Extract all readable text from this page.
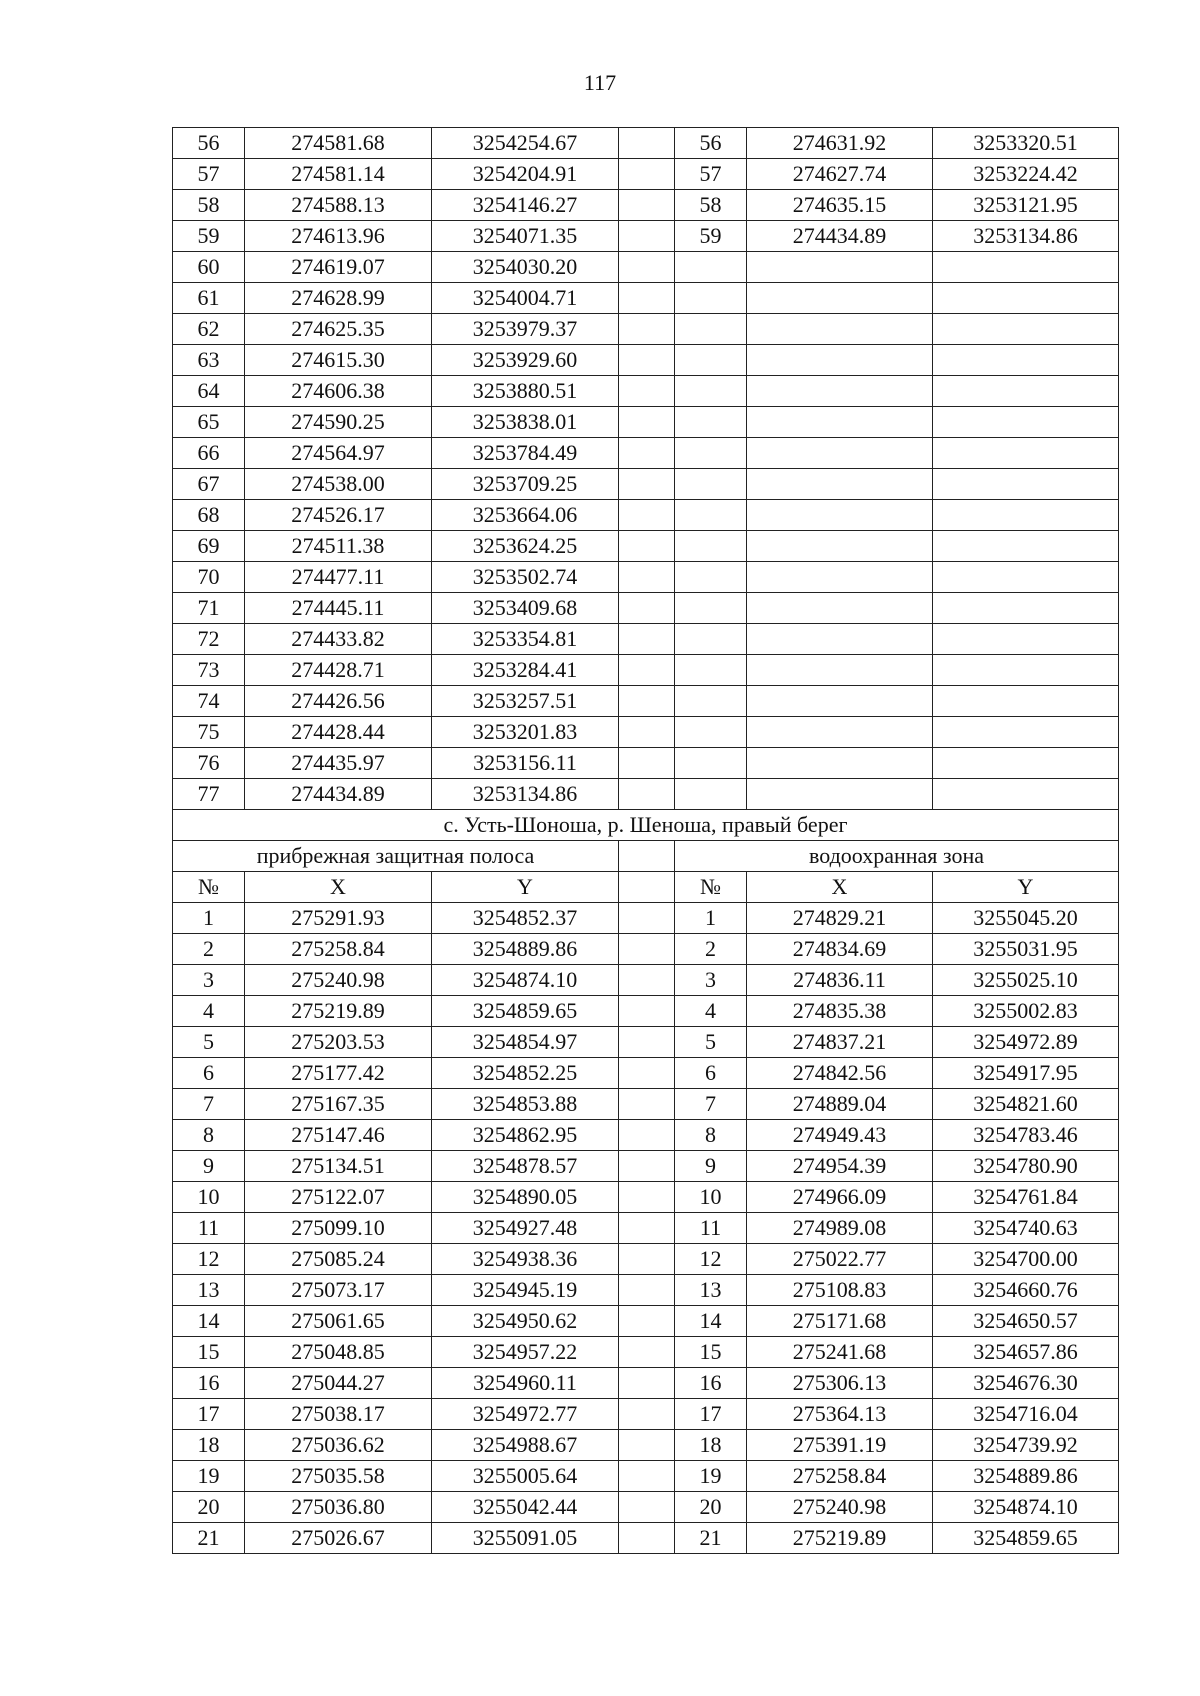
117
56	274581.68	3254254.67		56	274631.92	3253320.51
57	274581.14	3254204.91		57	274627.74	3253224.42
58	274588.13	3254146.27		58	274635.15	3253121.95
59	274613.96	3254071.35		59	274434.89	3253134.86
60	274619.07	3254030.20				
61	274628.99	3254004.71				
62	274625.35	3253979.37				
63	274615.30	3253929.60				
64	274606.38	3253880.51				
65	274590.25	3253838.01				
66	274564.97	3253784.49				
67	274538.00	3253709.25				
68	274526.17	3253664.06				
69	274511.38	3253624.25				
70	274477.11	3253502.74				
71	274445.11	3253409.68				
72	274433.82	3253354.81				
73	274428.71	3253284.41				
74	274426.56	3253257.51				
75	274428.44	3253201.83				
76	274435.97	3253156.11				
77	274434.89	3253134.86				
с. Усть-Шоноша, р. Шеноша, правый берег						
прибрежная защитная полоса				водоохранная зона		
№	X	Y		№	X	Y
1	275291.93	3254852.37		1	274829.21	3255045.20
2	275258.84	3254889.86		2	274834.69	3255031.95
3	275240.98	3254874.10		3	274836.11	3255025.10
4	275219.89	3254859.65		4	274835.38	3255002.83
5	275203.53	3254854.97		5	274837.21	3254972.89
6	275177.42	3254852.25		6	274842.56	3254917.95
7	275167.35	3254853.88		7	274889.04	3254821.60
8	275147.46	3254862.95		8	274949.43	3254783.46
9	275134.51	3254878.57		9	274954.39	3254780.90
10	275122.07	3254890.05		10	274966.09	3254761.84
11	275099.10	3254927.48		11	274989.08	3254740.63
12	275085.24	3254938.36		12	275022.77	3254700.00
13	275073.17	3254945.19		13	275108.83	3254660.76
14	275061.65	3254950.62		14	275171.68	3254650.57
15	275048.85	3254957.22		15	275241.68	3254657.86
16	275044.27	3254960.11		16	275306.13	3254676.30
17	275038.17	3254972.77		17	275364.13	3254716.04
18	275036.62	3254988.67		18	275391.19	3254739.92
19	275035.58	3255005.64		19	275258.84	3254889.86
20	275036.80	3255042.44		20	275240.98	3254874.10
21	275026.67	3255091.05		21	275219.89	3254859.65
